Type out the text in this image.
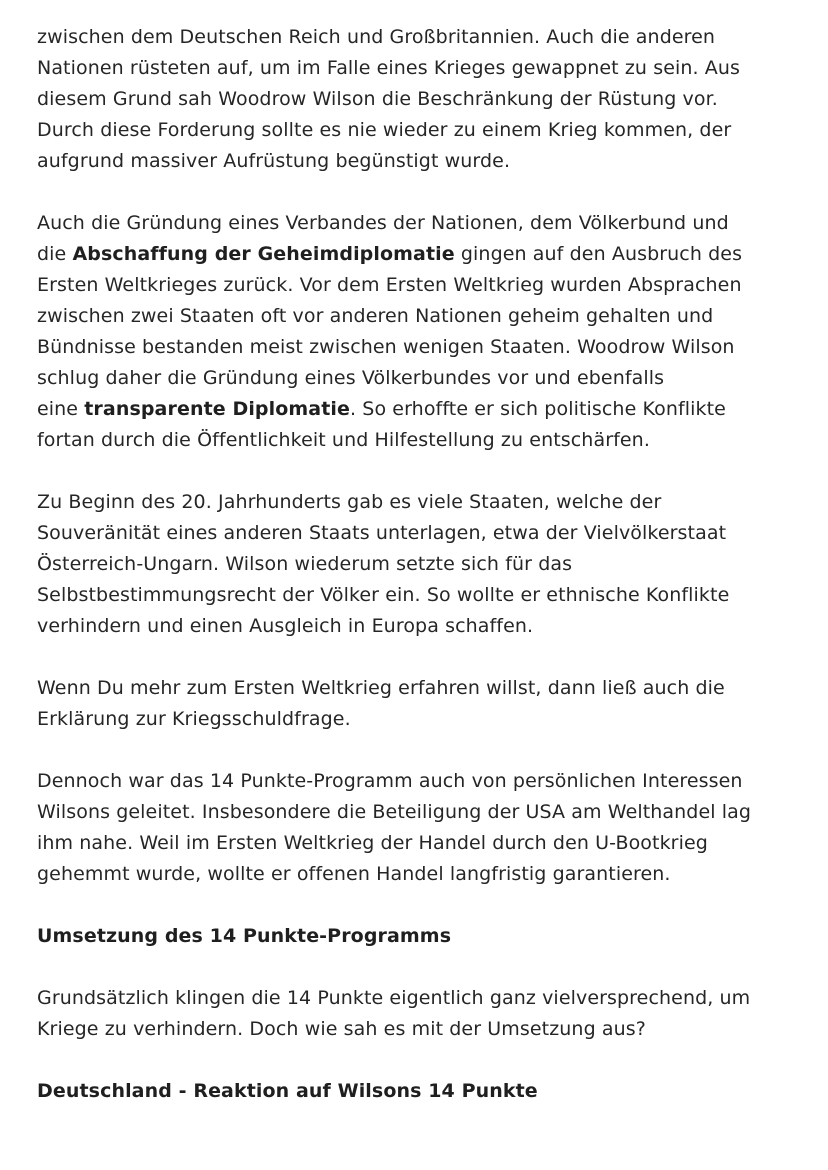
zwischen dem Deutschen Reich und Großbritannien. Auch die anderen
Nationen rüsteten auf, um im Falle eines Krieges gewappnet zu sein. Aus
diesem Grund sah Woodrow Wilson die Beschränkung der Rüstung vor.
Durch diese Forderung sollte es nie wieder zu einem Krieg kommen, der
aufgrund massiver Aufrüstung begünstigt wurde.
Auch die Gründung eines Verbandes der Nationen, dem Völkerbund und
die Abschaffung der Geheimdiplomatie gingen auf den Ausbruch des
Ersten Weltkrieges zurück. Vor dem Ersten Weltkrieg wurden Absprachen
zwischen zwei Staaten oft vor anderen Nationen geheim gehalten und
Bündnisse bestanden meist zwischen wenigen Staaten. Woodrow Wilson
schlug daher die Gründung eines Völkerbundes vor und ebenfalls
eine transparente Diplomatie. So erhoffte er sich politische Konflikte
fortan durch die Öffentlichkeit und Hilfestellung zu entschärfen.
Zu Beginn des 20. Jahrhunderts gab es viele Staaten, welche der
Souveränität eines anderen Staats unterlagen, etwa der Vielvölkerstaat
Österreich-Ungarn. Wilson wiederum setzte sich für das
Selbstbestimmungsrecht der Völker ein. So wollte er ethnische Konflikte
verhindern und einen Ausgleich in Europa schaffen.
Wenn Du mehr zum Ersten Weltkrieg erfahren willst, dann ließ auch die
Erklärung zur Kriegsschuldfrage.
Dennoch war das 14 Punkte-Programm auch von persönlichen Interessen
Wilsons geleitet. Insbesondere die Beteiligung der USA am Welthandel lag
ihm nahe. Weil im Ersten Weltkrieg der Handel durch den U-Bootkrieg
gehemmt wurde, wollte er offenen Handel langfristig garantieren.
Umsetzung des 14 Punkte-Programms
Grundsätzlich klingen die 14 Punkte eigentlich ganz vielversprechend, um
Kriege zu verhindern. Doch wie sah es mit der Umsetzung aus?
Deutschland - Reaktion auf Wilsons 14 Punkte
